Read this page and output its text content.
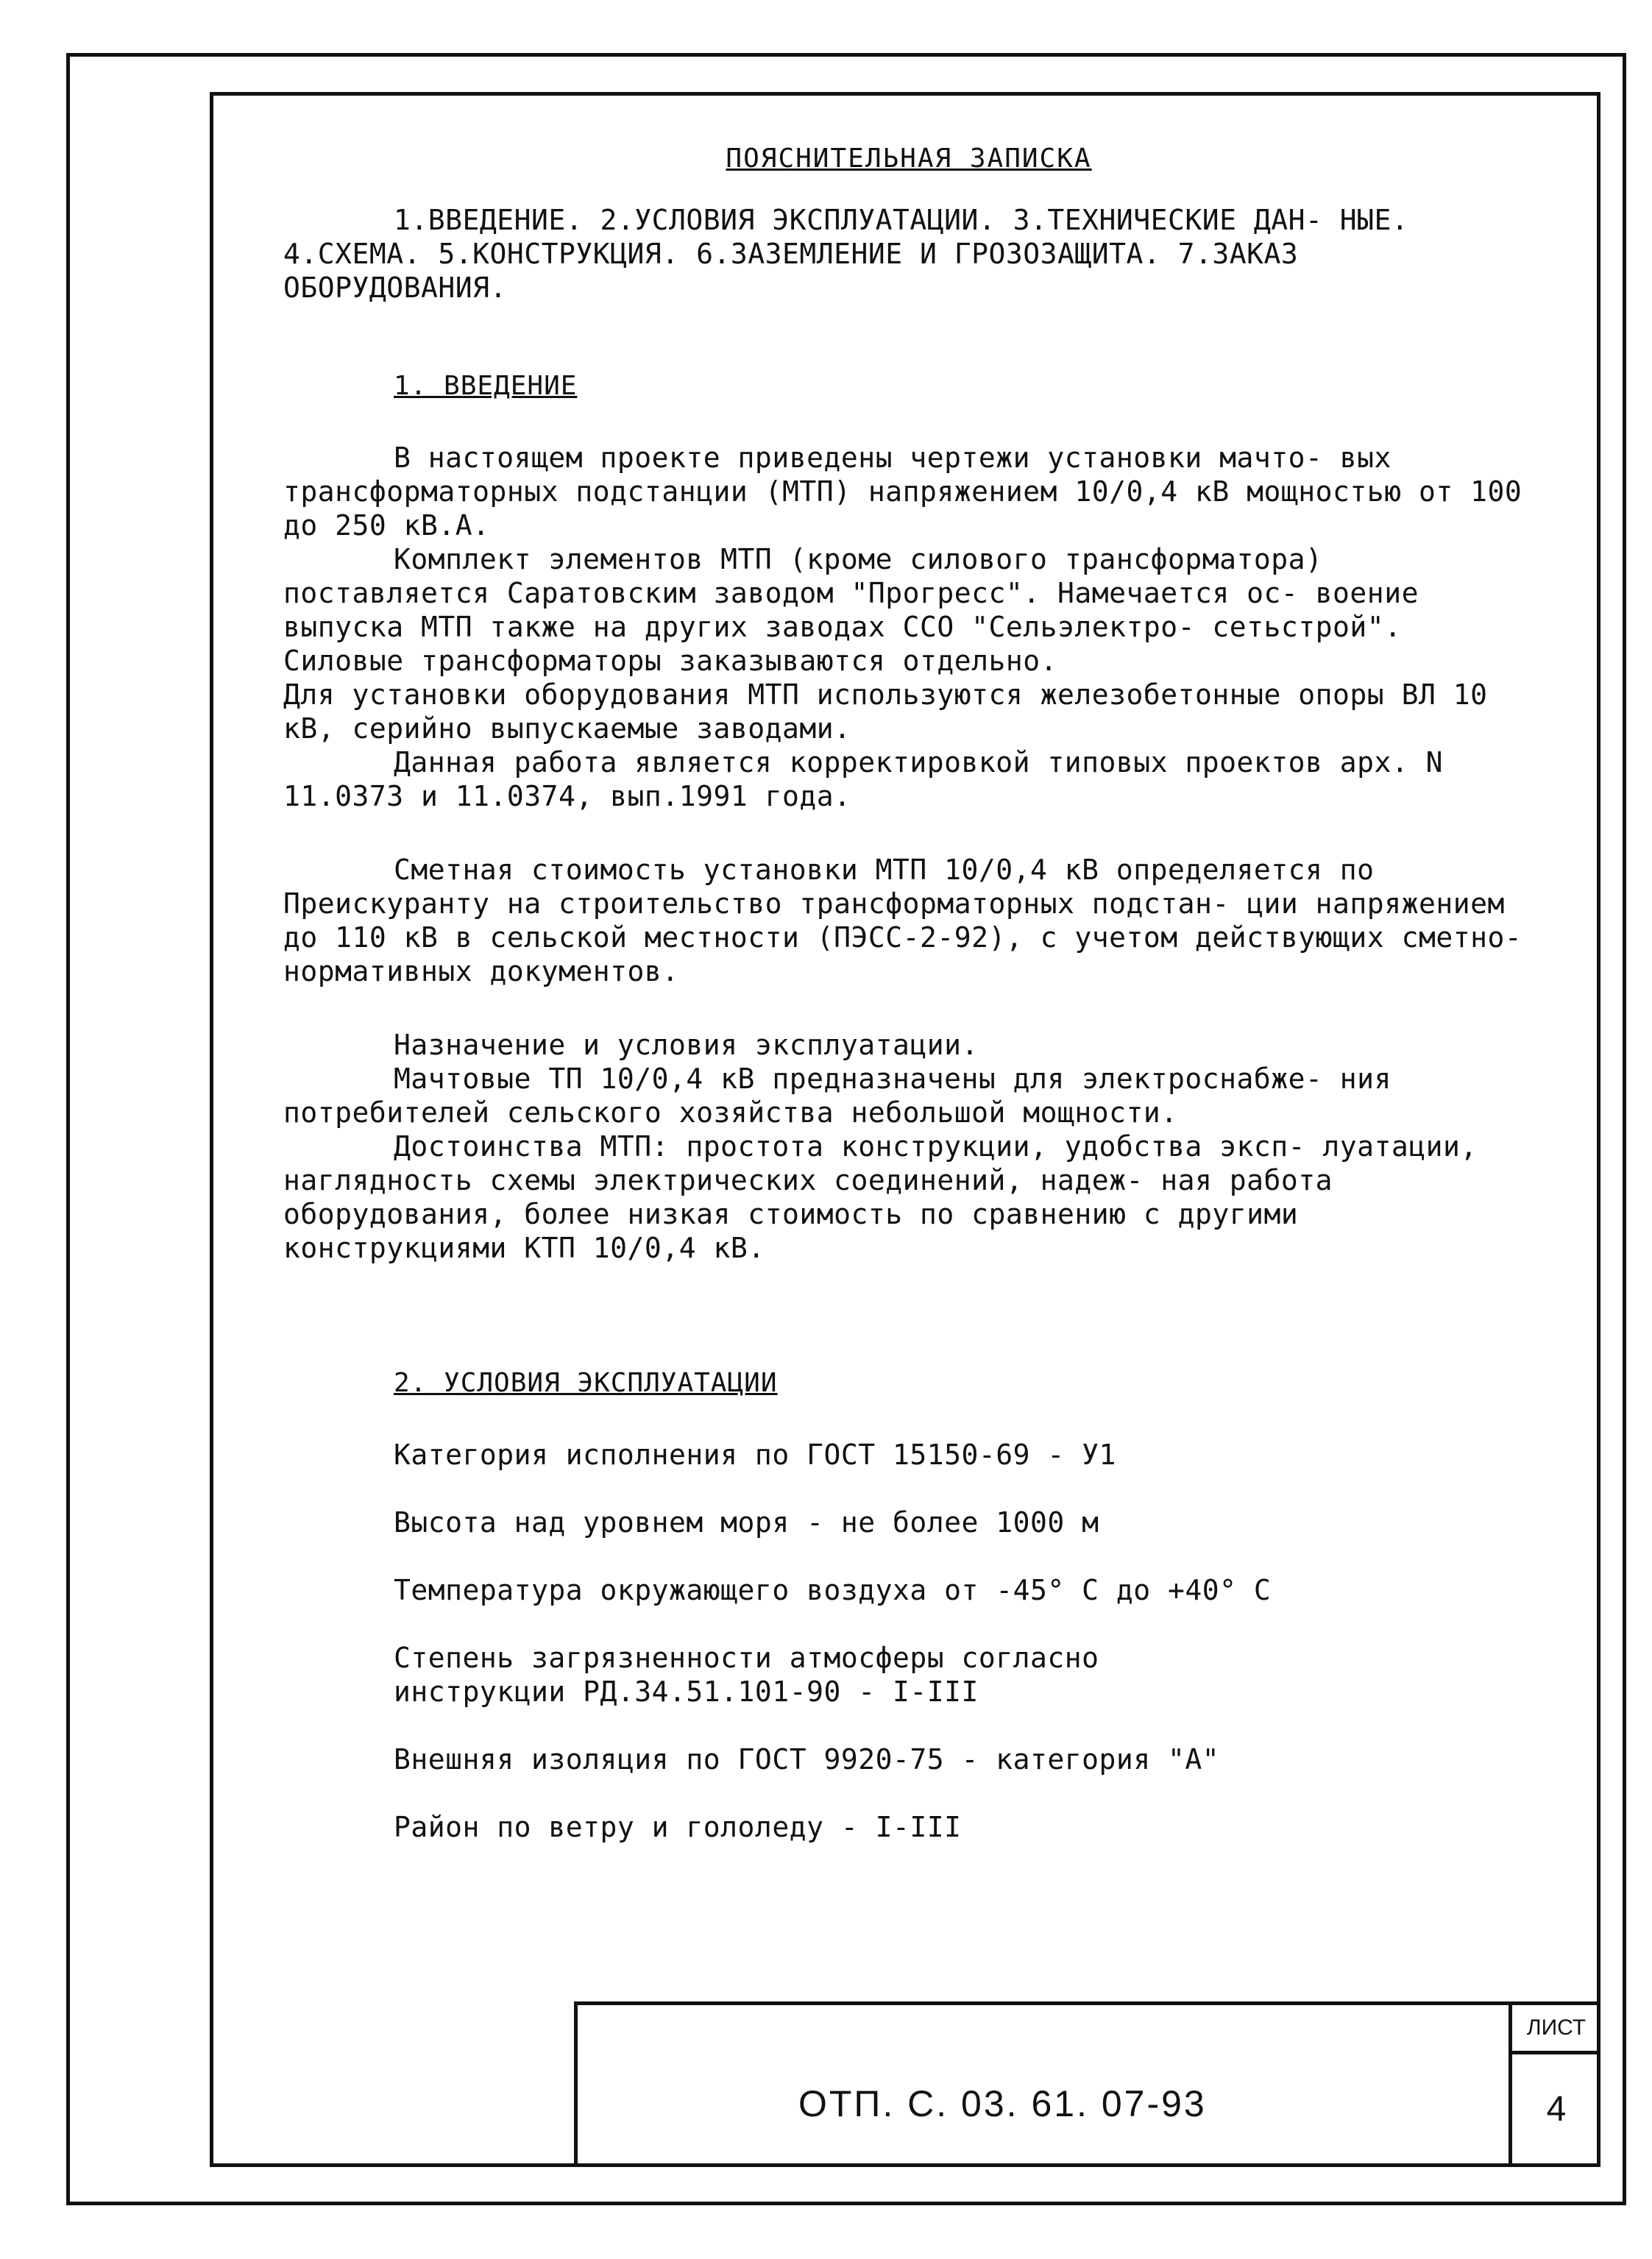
ПОЯСНИТЕЛЬНАЯ ЗАПИСКА

1.ВВЕДЕНИЕ. 2.УСЛОВИЯ ЭКСПЛУАТАЦИИ. 3.ТЕХНИЧЕСКИЕ ДАН- НЫЕ. 4.СХЕМА. 5.КОНСТРУКЦИЯ. 6.ЗАЗЕМЛЕНИЕ И ГРОЗОЗАЩИТА. 7.ЗАКАЗ ОБОРУДОВАНИЯ.

1. ВВЕДЕНИЕ

В настоящем проекте приведены чертежи установки мачто- вых трансформаторных подстанции (МТП) напряжением 10/0,4 кВ мощностью от 100 до 250 кВ.А.

Комплект элементов МТП (кроме силового трансформатора) поставляется Саратовским заводом "Прогресс". Намечается ос- воение выпуска МТП также на других заводах ССО "Сельэлектро- сетьстрой". Силовые трансформаторы заказываются отдельно.

Для установки оборудования МТП используются железобетонные опоры ВЛ 10 кВ, серийно выпускаемые заводами.

Данная работа является корректировкой типовых проектов арх. N 11.0373 и 11.0374, вып.1991 года.

Сметная стоимость установки МТП 10/0,4 кВ определяется по Преискуранту на строительство трансформаторных подстан- ции напряжением до 110 кВ в сельской местности (ПЭСС-2-92), с учетом действующих сметно-нормативных документов.

Назначение и условия эксплуатации.

Мачтовые ТП 10/0,4 кВ предназначены для электроснабже- ния потребителей сельского хозяйства небольшой мощности.

Достоинства МТП: простота конструкции, удобства эксп- луатации, наглядность схемы электрических соединений, надеж- ная работа оборудования, более низкая стоимость по сравнению с другими конструкциями КТП 10/0,4 кВ.

2. УСЛОВИЯ ЭКСПЛУАТАЦИИ
Категория исполнения по ГОСТ 15150-69 - У1
Высота над уровнем моря - не более 1000 м
Температура окружающего воздуха от -45° С до +40° С
Степень загрязненности атмосферы согласно
инструкции РД.34.51.101-90 - I-III
Внешняя изоляция по ГОСТ 9920-75 - категория "А"
Район по ветру и гололеду - I-III
ОТП. С. 03. 61. 07-93
ЛИСТ
4
